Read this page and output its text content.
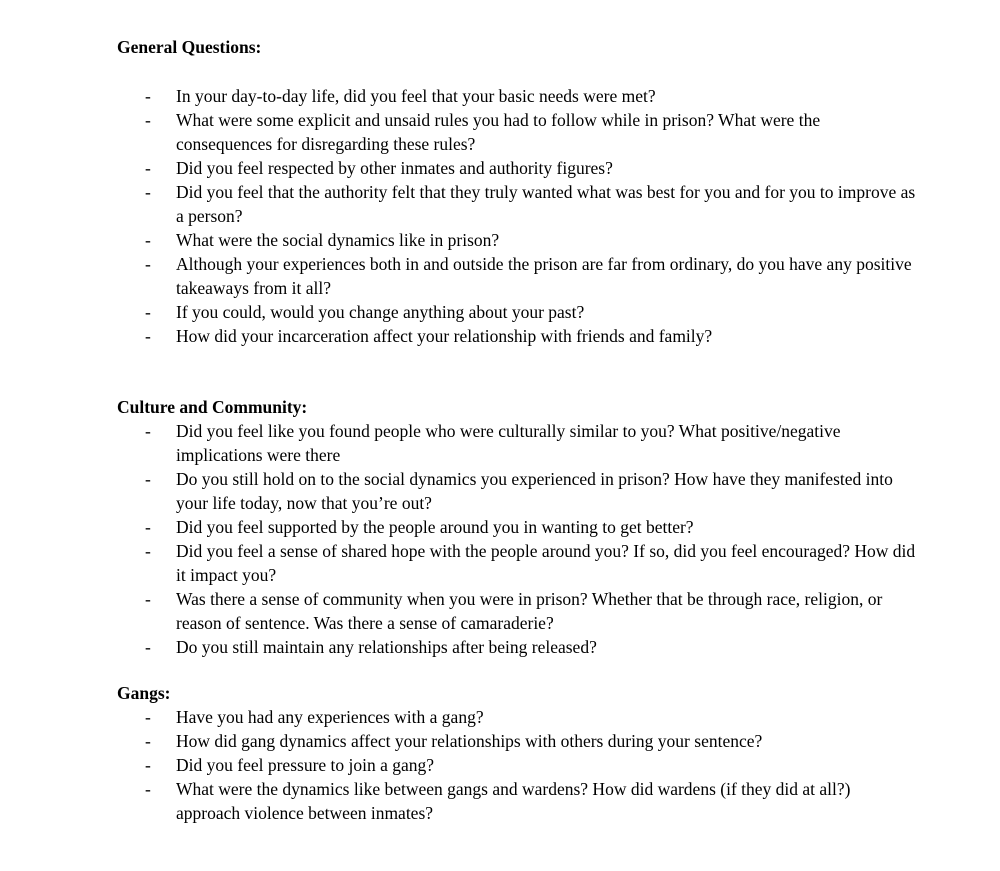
General Questions:

- In your day-to-day life, did you feel that your basic needs were met?
- What were some explicit and unsaid rules you had to follow while in prison? What were the consequences for disregarding these rules?
- Did you feel respected by other inmates and authority figures?
- Did you feel that the authority felt that they truly wanted what was best for you and for you to improve as a person?
- What were the social dynamics like in prison?
- Although your experiences both in and outside the prison are far from ordinary, do you have any positive takeaways from it all?
- If you could, would you change anything about your past?
- How did your incarceration affect your relationship with friends and family?

Culture and Community:

- Did you feel like you found people who were culturally similar to you? What positive/negative implications were there
- Do you still hold on to the social dynamics you experienced in prison? How have they manifested into your life today, now that you’re out?
- Did you feel supported by the people around you in wanting to get better?
- Did you feel a sense of shared hope with the people around you? If so, did you feel encouraged? How did it impact you?
- Was there a sense of community when you were in prison? Whether that be through race, religion, or reason of sentence. Was there a sense of camaraderie?
- Do you still maintain any relationships after being released?

Gangs:

- Have you had any experiences with a gang?
- How did gang dynamics affect your relationships with others during your sentence?
- Did you feel pressure to join a gang?
- What were the dynamics like between gangs and wardens? How did wardens (if they did at all?) approach violence between inmates?
